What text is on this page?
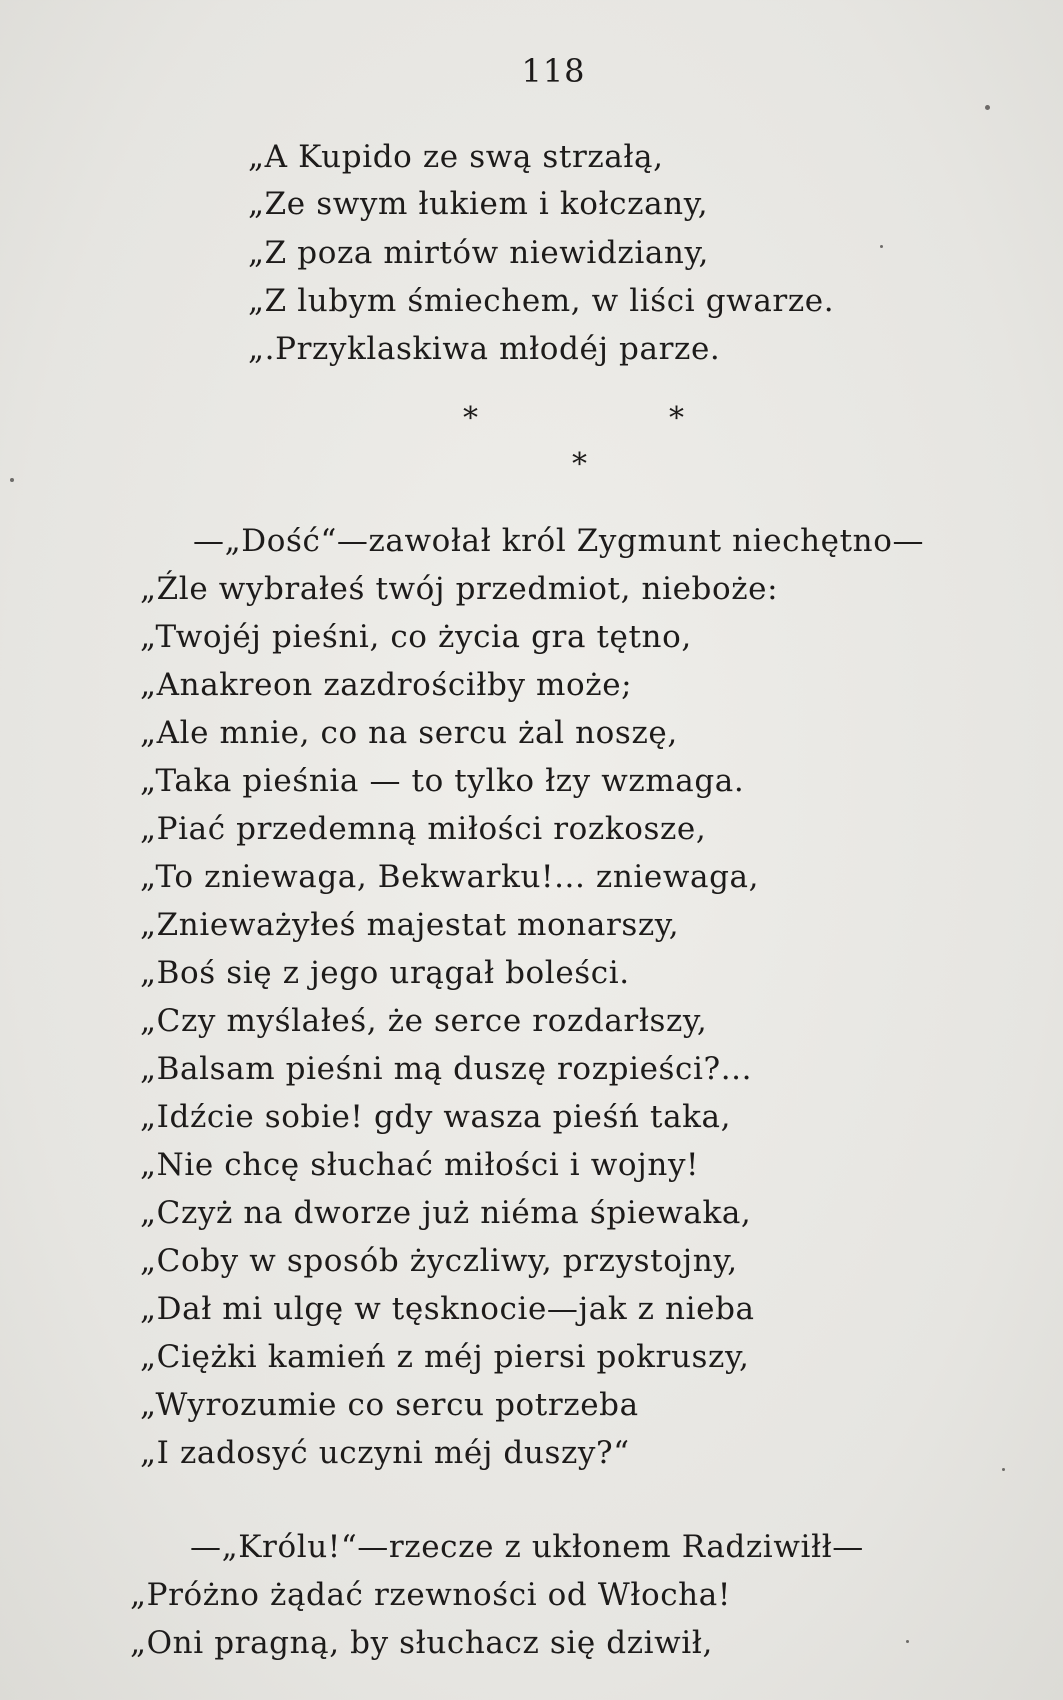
118
„A Kupido ze swą strzałą,
„Ze swym łukiem i kołczany,
„Z poza mirtów niewidziany,
„Z lubym śmiechem, w liści gwarze.
„.Przyklaskiwa młodéj parze.
*	*
*
—„Dość“—zawołał król Zygmunt niechętno—
„Źle wybrałeś twój przedmiot, nieboże:
„Twojéj pieśni, co życia gra tętno,
„Anakreon zazdrościłby może;
„Ale mnie, co na sercu żal noszę,
„Taka pieśnia — to tylko łzy wzmaga.
„Piać przedemną miłości rozkosze,
„To zniewaga, Bekwarku!... zniewaga,
„Znieważyłeś majestat monarszy,
„Boś się z jego urągał boleści.
„Czy myślałeś, że serce rozdarłszy,
„Balsam pieśni mą duszę rozpieści?...
„Idźcie sobie! gdy wasza pieśń taka,
„Nie chcę słuchać miłości i wojny!
„Czyż na dworze już niéma śpiewaka,
„Coby w sposób życzliwy, przystojny,
„Dał mi ulgę w tęsknocie—jak z nieba
„Ciężki kamień z méj piersi pokruszy,
„Wyrozumie co sercu potrzeba
„I zadosyć uczyni méj duszy?“
—„Królu!“—rzecze z ukłonem Radziwiłł—
„Próżno żądać rzewności od Włocha!
„Oni pragną, by słuchacz się dziwił,
